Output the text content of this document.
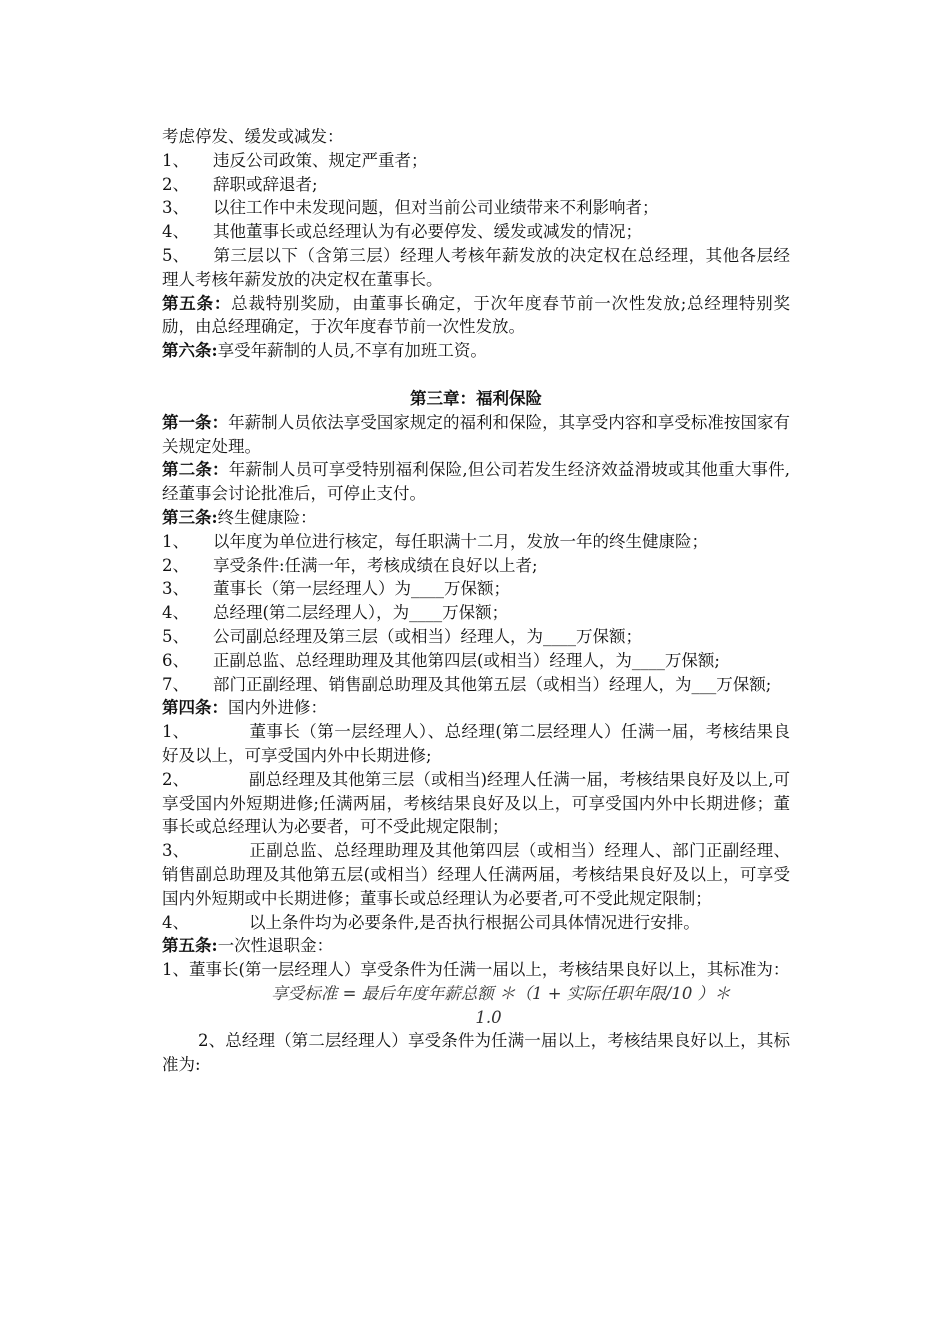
考虑停发、缓发或减发：

1、 违反公司政策、规定严重者；

2、 辞职或辞退者;

3、 以往工作中未发现问题，但对当前公司业绩带来不利影响者；

4、 其他董事长或总经理认为有必要停发、缓发或减发的情况；

5、 第三层以下（含第三层）经理人考核年薪发放的决定权在总经理，其他各层经理人考核年薪发放的决定权在董事长。

第五条：总裁特别奖励，由董事长确定，于次年度春节前一次性发放;总经理特别奖励，由总经理确定，于次年度春节前一次性发放。

第六条:享受年薪制的人员,不享有加班工资。

第三章：福利保险

第一条：年薪制人员依法享受国家规定的福利和保险，其享受内容和享受标准按国家有关规定处理。

第二条：年薪制人员可享受特别福利保险,但公司若发生经济效益滑坡或其他重大事件,经董事会讨论批准后，可停止支付。

第三条:终生健康险：

1、 以年度为单位进行核定，每任职满十二月，发放一年的终生健康险；

2、 享受条件:任满一年，考核成绩在良好以上者;

3、 董事长（第一层经理人）为____万保额；

4、 总经理(第二层经理人），为____万保额；

5、 公司副总经理及第三层（或相当）经理人，为____万保额；

6、 正副总监、总经理助理及其他第四层(或相当）经理人，为____万保额;

7、 部门正副经理、销售副总助理及其他第五层（或相当）经理人，为___万保额;

第四条：国内外进修：

1、	董事长（第一层经理人）、总经理(第二层经理人）任满一届，考核结果良好及以上，可享受国内外中长期进修;

2、	副总经理及其他第三层（或相当)经理人任满一届，考核结果良好及以上,可享受国内外短期进修;任满两届，考核结果良好及以上，可享受国内外中长期进修；董事长或总经理认为必要者，可不受此规定限制；

3、	正副总监、总经理助理及其他第四层（或相当）经理人、部门正副经理、销售副总助理及其他第五层(或相当）经理人任满两届，考核结果良好及以上，可享受国内外短期或中长期进修；董事长或总经理认为必要者,可不受此规定限制；

4、	以上条件均为必要条件,是否执行根据公司具体情况进行安排。

第五条:一次性退职金：

1、董事长(第一层经理人）享受条件为任满一届以上，考核结果良好以上，其标准为：

享受标准 = 最后年度年薪总额 ＊（1 + 实际任职年限/10 ）＊

1.0

2、总经理（第二层经理人）享受条件为任满一届以上，考核结果良好以上，其标准为:
